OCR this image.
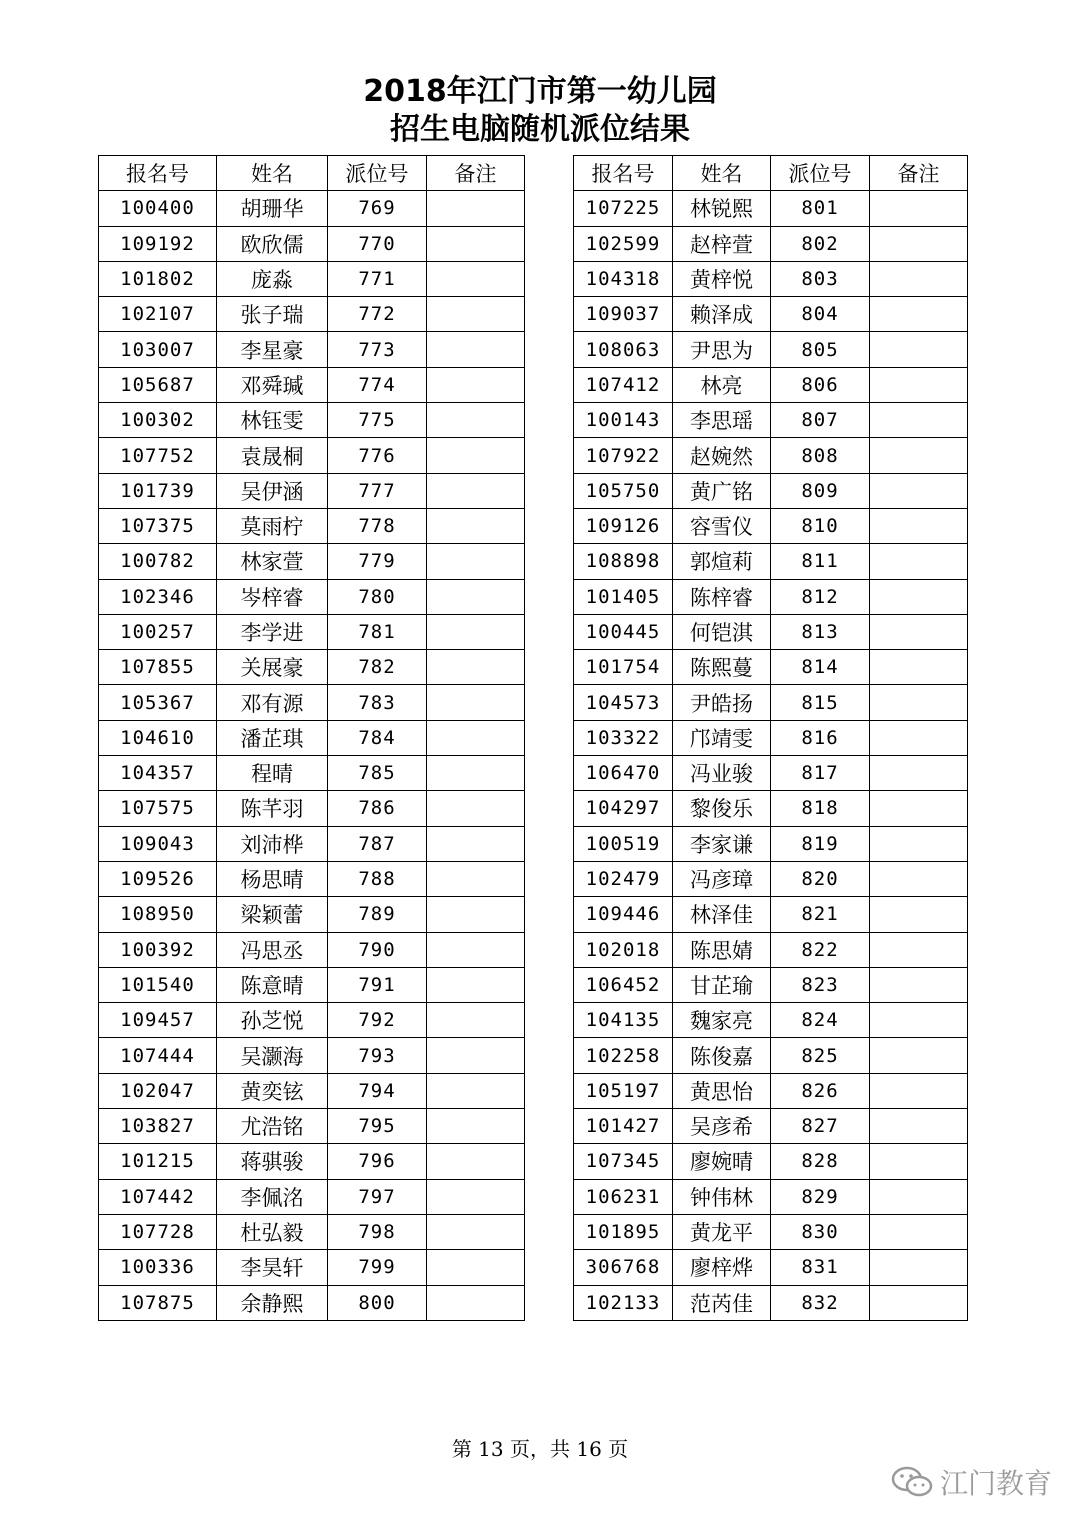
2018年江门市第一幼儿园
招生电脑随机派位结果
报名号	姓名	派位号	备注
100400	胡珊华	769	
109192	欧欣儒	770	
101802	庞淼	771	
102107	张子瑞	772	
103007	李星豪	773	
105687	邓舜瑊	774	
100302	林钰雯	775	
107752	袁晟桐	776	
101739	吴伊涵	777	
107375	莫雨柠	778	
100782	林家萱	779	
102346	岑梓睿	780	
100257	李学进	781	
107855	关展豪	782	
105367	邓有源	783	
104610	潘芷琪	784	
104357	程晴	785	
107575	陈芊羽	786	
109043	刘沛桦	787	
109526	杨思晴	788	
108950	梁颖蕾	789	
100392	冯思丞	790	
101540	陈意晴	791	
109457	孙芝悦	792	
107444	吴灏海	793	
102047	黄奕铉	794	
103827	尤浩铭	795	
101215	蒋骐骏	796	
107442	李佩洺	797	
107728	杜弘毅	798	
100336	李昊轩	799	
107875	余静熙	800	
报名号	姓名	派位号	备注
107225	林锐熙	801	
102599	赵梓萱	802	
104318	黄梓悦	803	
109037	赖泽成	804	
108063	尹思为	805	
107412	林亮	806	
100143	李思瑶	807	
107922	赵婉然	808	
105750	黄广铭	809	
109126	容雪仪	810	
108898	郭煊莉	811	
101405	陈梓睿	812	
100445	何铠淇	813	
101754	陈熙蔓	814	
104573	尹皓扬	815	
103322	邝靖雯	816	
106470	冯业骏	817	
104297	黎俊乐	818	
100519	李家谦	819	
102479	冯彦璋	820	
109446	林泽佳	821	
102018	陈思婧	822	
106452	甘芷瑜	823	
104135	魏家亮	824	
102258	陈俊嘉	825	
105197	黄思怡	826	
101427	吴彦希	827	
107345	廖婉晴	828	
106231	钟伟林	829	
101895	黄龙平	830	
306768	廖梓烨	831	
102133	范芮佳	832	
第 13 页，共 16 页
江门教育
